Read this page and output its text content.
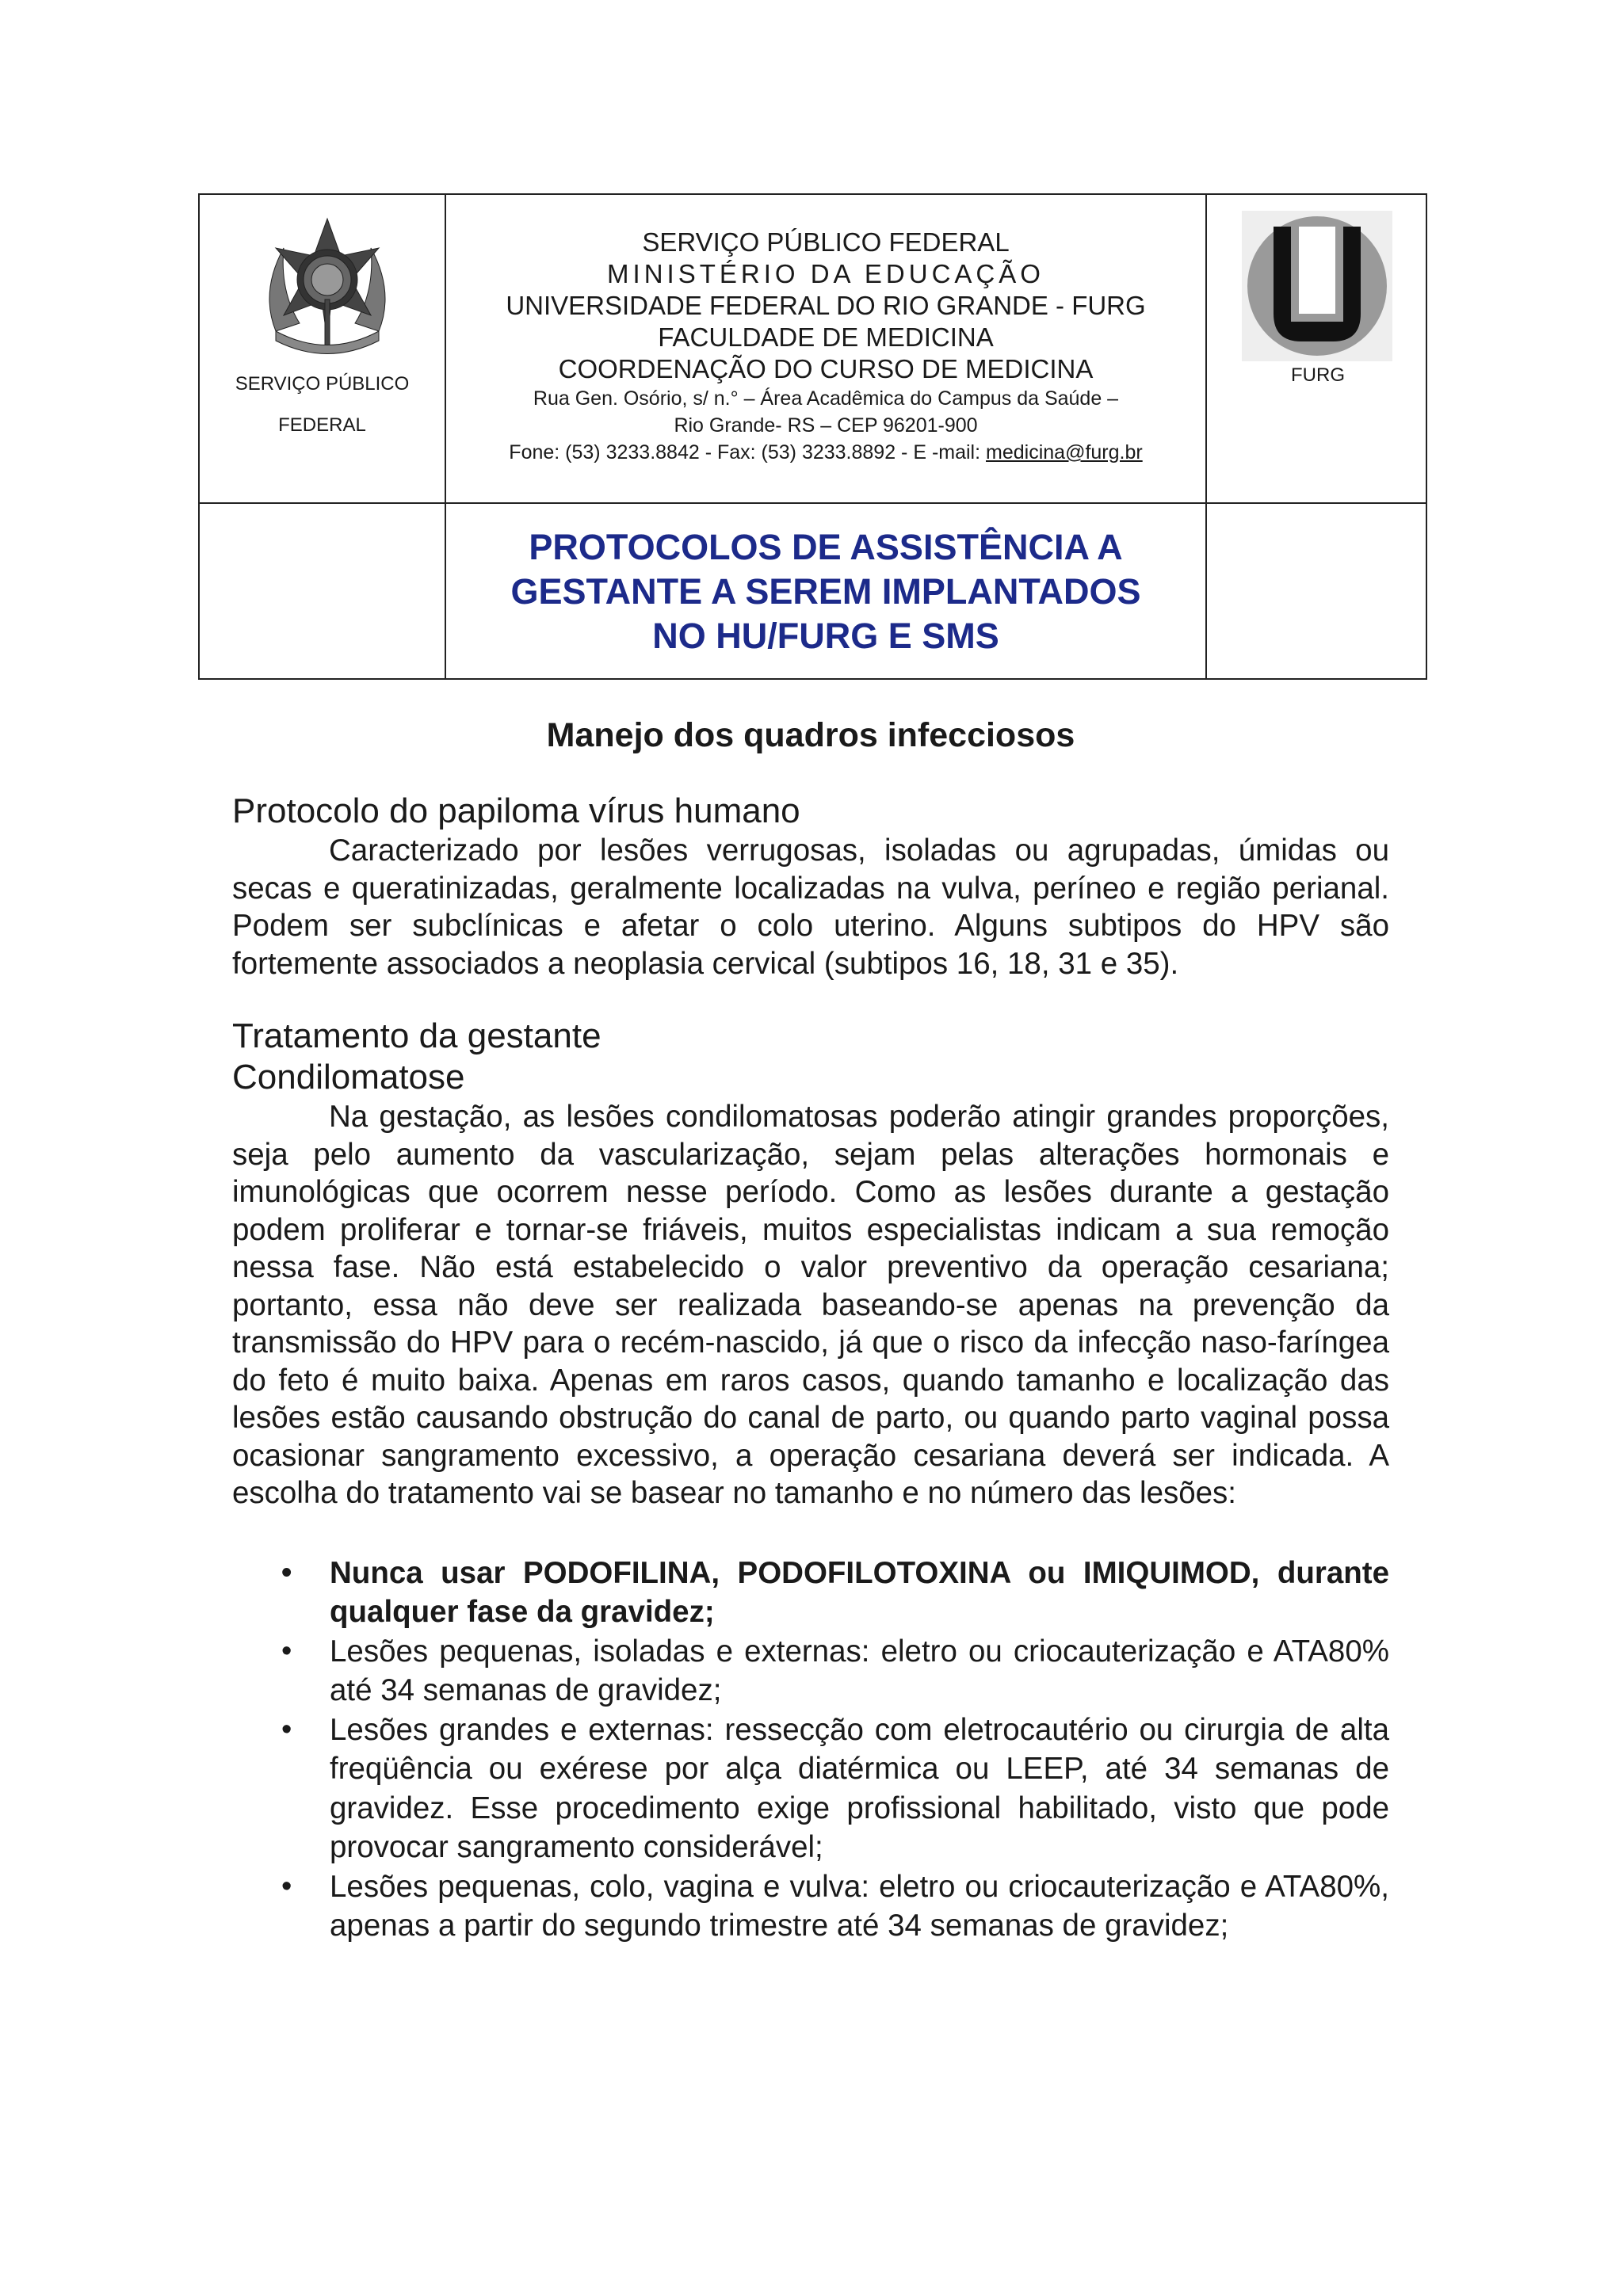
SERVIÇO PÚBLICO
FEDERAL
SERVIÇO PÚBLICO FEDERAL
MINISTÉRIO DA EDUCAÇÃO
UNIVERSIDADE FEDERAL DO RIO GRANDE - FURG
FACULDADE DE MEDICINA
COORDENAÇÃO DO CURSO DE MEDICINA
Rua Gen. Osório, s/ n.° – Área Acadêmica do Campus da Saúde –
Rio Grande- RS – CEP 96201-900
Fone: (53) 3233.8842 - Fax: (53) 3233.8892 - E -mail: medicina@furg.br
FURG

PROTOCOLOS DE ASSISTÊNCIA A GESTANTE A SEREM IMPLANTADOS NO HU/FURG E SMS

Manejo dos quadros infecciosos
Protocolo do papiloma vírus humano

Caracterizado por lesões verrugosas, isoladas ou agrupadas, úmidas ou secas e queratinizadas, geralmente localizadas na vulva, períneo e região perianal. Podem ser subclínicas e afetar o colo uterino. Alguns subtipos do HPV são fortemente associados a neoplasia cervical (subtipos 16, 18, 31 e 35).

Tratamento da gestante
Condilomatose

Na gestação, as lesões condilomatosas poderão atingir grandes proporções, seja pelo aumento da vascularização, sejam pelas alterações hormonais e imunológicas que ocorrem nesse período. Como as lesões durante a gestação podem proliferar e tornar-se friáveis, muitos especialistas indicam a sua remoção nessa fase. Não está estabelecido o valor preventivo da operação cesariana; portanto, essa não deve ser realizada baseando-se apenas na prevenção da transmissão do HPV para o recém-nascido, já que o risco da infecção naso-faríngea do feto é muito baixa. Apenas em raros casos, quando tamanho e localização das lesões estão causando obstrução do canal de parto, ou quando parto vaginal possa ocasionar sangramento excessivo, a operação cesariana deverá ser indicada. A escolha do tratamento vai se basear no tamanho e no número das lesões:

• Nunca usar PODOFILINA, PODOFILOTOXINA ou IMIQUIMOD, durante qualquer fase da gravidez;
• Lesões pequenas, isoladas e externas: eletro ou criocauterização e ATA80% até 34 semanas de gravidez;
• Lesões grandes e externas: ressecção com eletrocautério ou cirurgia de alta freqüência ou exérese por alça diatérmica ou LEEP, até 34 semanas de gravidez. Esse procedimento exige profissional habilitado, visto que pode provocar sangramento considerável;
• Lesões pequenas, colo, vagina e vulva: eletro ou criocauterização e ATA80%, apenas a partir do segundo trimestre até 34 semanas de gravidez;
